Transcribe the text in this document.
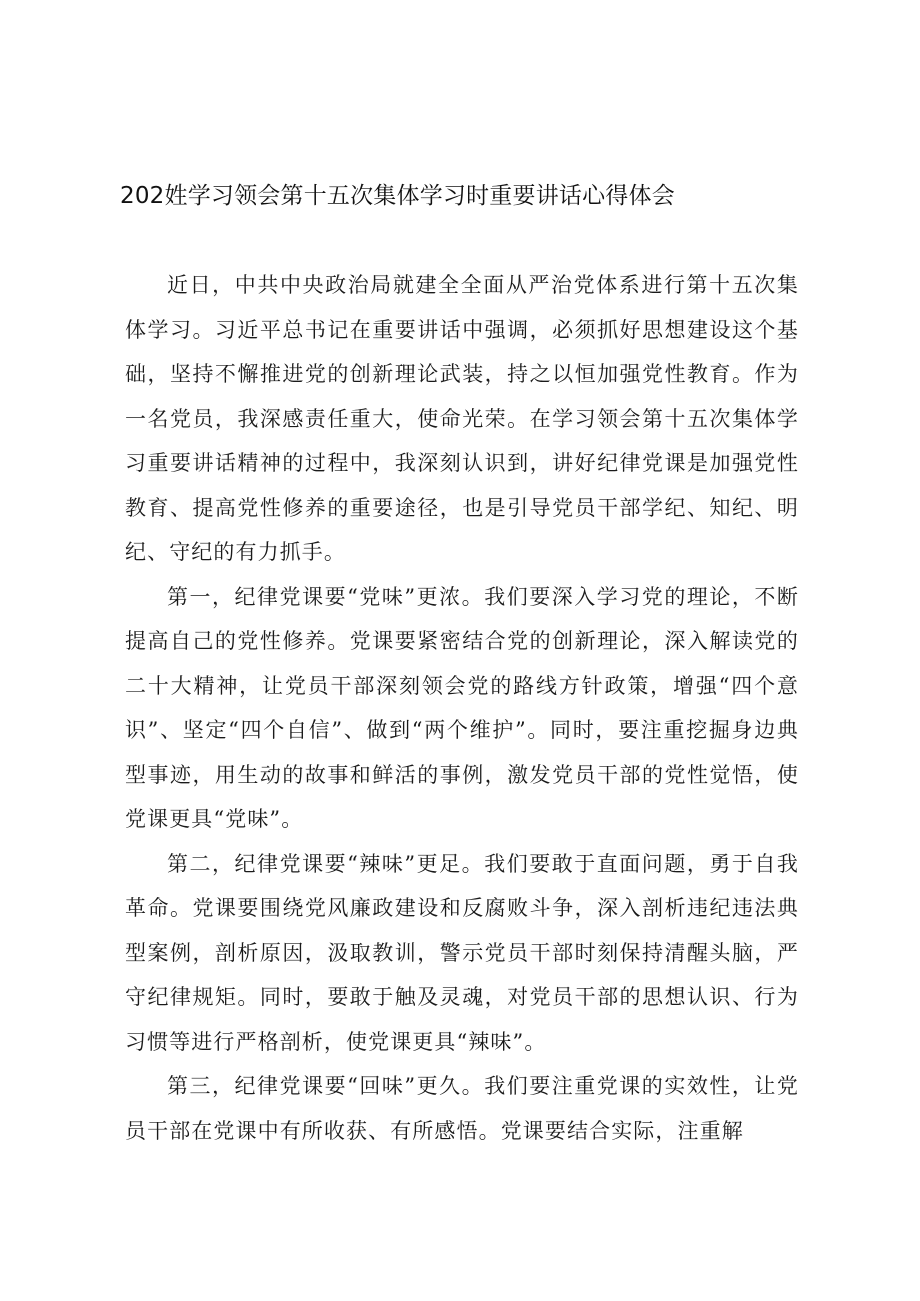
202姓学习领会第十五次集体学习时重要讲话心得体会

近日，中共中央政治局就建全全面从严治党体系进行第十五次集体学习。习近平总书记在重要讲话中强调，必须抓好思想建设这个基础，坚持不懈推进党的创新理论武装，持之以恒加强党性教育。作为一名党员，我深感责任重大，使命光荣。在学习领会第十五次集体学习重要讲话精神的过程中，我深刻认识到，讲好纪律党课是加强党性教育、提高党性修养的重要途径，也是引导党员干部学纪、知纪、明纪、守纪的有力抓手。

第一，纪律党课要“党味”更浓。我们要深入学习党的理论，不断提高自己的党性修养。党课要紧密结合党的创新理论，深入解读党的二十大精神，让党员干部深刻领会党的路线方针政策，增强“四个意识”、坚定“四个自信”、做到“两个维护”。同时，要注重挖掘身边典型事迹，用生动的故事和鲜活的事例，激发党员干部的党性觉悟，使党课更具“党味”。

第二，纪律党课要“辣味”更足。我们要敢于直面问题，勇于自我革命。党课要围绕党风廉政建设和反腐败斗争，深入剖析违纪违法典型案例，剖析原因，汲取教训，警示党员干部时刻保持清醒头脑，严守纪律规矩。同时，要敢于触及灵魂，对党员干部的思想认识、行为习惯等进行严格剖析，使党课更具“辣味”。

第三，纪律党课要“回味”更久。我们要注重党课的实效性，让党员干部在党课中有所收获、有所感悟。党课要结合实际，注重解
